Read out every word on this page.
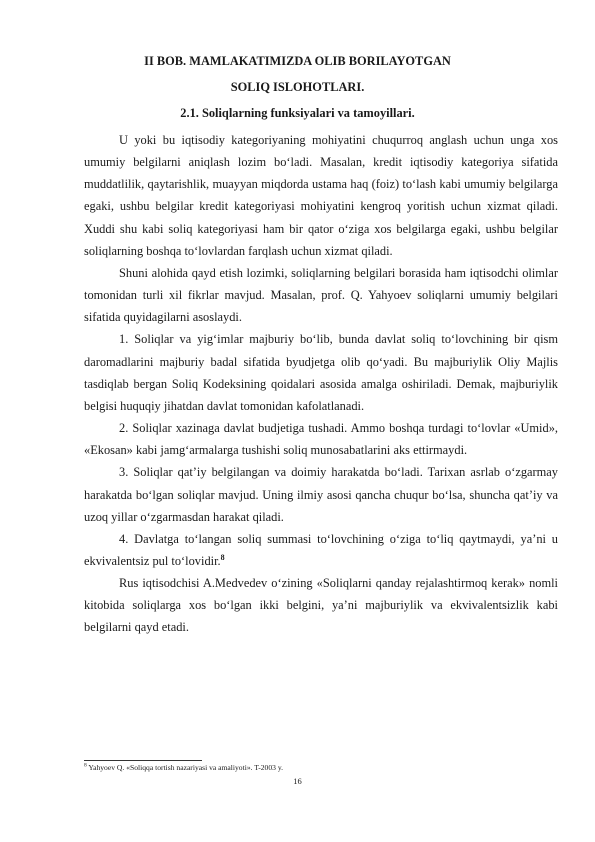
II BOB. MAMLAKATIMIZDA OLIB BORILAYOTGAN

SOLIQ ISLOHOTLARI.

2.1. Soliqlarning funksiyalari va tamoyillari.

U yoki bu iqtisodiy kategoriyaning mohiyatini chuqurroq anglash uchun unga xos umumiy belgilarni aniqlash lozim bo‘ladi. Masalan, kredit iqtisodiy kategoriya sifatida muddatlilik, qaytarishlik, muayyan miqdorda ustama haq (foiz) to‘lash kabi umumiy belgilarga egaki, ushbu belgilar kredit kategoriyasi mohiyatini kengroq yoritish uchun xizmat qiladi. Xuddi shu kabi soliq kategoriyasi ham bir qator o‘ziga xos belgilarga egaki, ushbu belgilar soliqlarning boshqa to‘lovlardan farqlash uchun xizmat qiladi.

Shuni alohida qayd etish lozimki, soliqlarning belgilari borasida ham iqtisodchi olimlar tomonidan turli xil fikrlar mavjud. Masalan, prof. Q. Yahyoev soliqlarni umumiy belgilari sifatida quyidagilarni asoslaydi.

1. Soliqlar va yig‘imlar majburiy bo‘lib, bunda davlat soliq to‘lovchining bir qism daromadlarini majburiy badal sifatida byudjetga olib qo‘yadi. Bu majburiylik Oliy Majlis tasdiqlab bergan Soliq Kodeksining qoidalari asosida amalga oshiriladi. Demak, majburiylik belgisi huquqiy jihatdan davlat tomonidan kafolatlanadi.

2. Soliqlar xazinaga davlat budjetiga tushadi. Ammo boshqa turdagi to‘lovlar «Umid», «Ekosan» kabi jamg‘armalarga tushishi soliq munosabatlarini aks ettirmaydi.

3. Soliqlar qat’iy belgilangan va doimiy harakatda bo‘ladi. Tarixan asrlab o‘zgarmay harakatda bo‘lgan soliqlar mavjud. Uning ilmiy asosi qancha chuqur bo‘lsa, shuncha qat’iy va uzoq yillar o‘zgarmasdan harakat qiladi.

4. Davlatga to‘langan soliq summasi to‘lovchining o‘ziga to‘liq qaytmaydi, ya’ni u ekvivalentsiz pul to‘lovidir.$^8$

Rus iqtisodchisi A.Medvedev o‘zining «Soliqlarni qanday rejalashtirmoq kerak» nomli kitobida soliqlarga xos bo‘lgan ikki belgini, ya’ni majburiylik va ekvivalentsizlik kabi belgilarni qayd etadi.

$^8$ Yahyoev Q. «Soliqqa tortish nazariyasi va amaliyoti». T-2003 y.

16
